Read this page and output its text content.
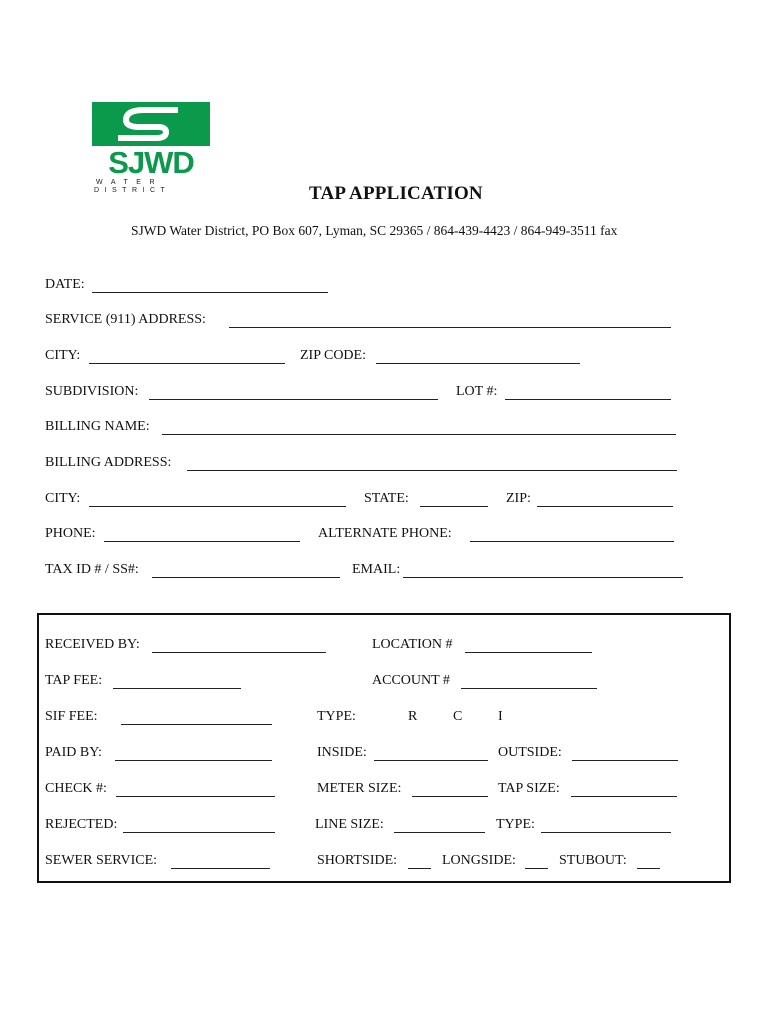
SJWD
WATER
DISTRICT	TAP APPLICATION
SJWD Water District, PO Box 607, Lyman, SC 29365 / 864-439-4423 / 864-949-3511 fax
DATE:
SERVICE (911) ADDRESS:
CITY:	ZIP CODE:
SUBDIVISION:	LOT #:
BILLING NAME:
BILLING ADDRESS:
CITY:	STATE:	ZIP:
PHONE:	ALTERNATE PHONE:
TAX ID # / SS#:	EMAIL:
RECEIVED BY:	LOCATION #
TAP FEE:	ACCOUNT #
SIF FEE:	TYPE:	R	C	I
PAID BY:	INSIDE:	OUTSIDE:
CHECK #:	METER SIZE:	TAP SIZE:
REJECTED:	LINE SIZE:	TYPE:
SEWER SERVICE:	SHORTSIDE:	LONGSIDE:	STUBOUT:
